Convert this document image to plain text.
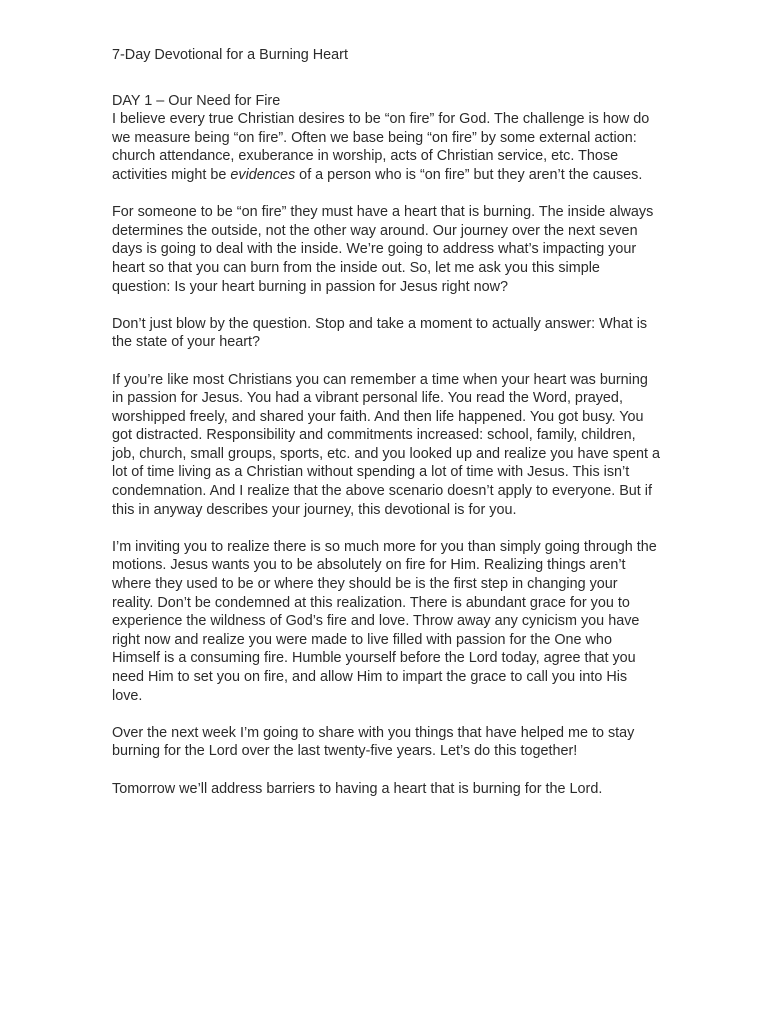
7-Day Devotional for a Burning Heart
DAY 1 – Our Need for Fire

I believe every true Christian desires to be “on fire” for God. The challenge is how do we measure being “on fire”. Often we base being “on fire” by some external action: church attendance, exuberance in worship, acts of Christian service, etc. Those activities might be evidences of a person who is “on fire” but they aren’t the causes.

For someone to be “on fire” they must have a heart that is burning. The inside always determines the outside, not the other way around. Our journey over the next seven days is going to deal with the inside. We’re going to address what’s impacting your heart so that you can burn from the inside out. So, let me ask you this simple question: Is your heart burning in passion for Jesus right now?

Don’t just blow by the question. Stop and take a moment to actually answer: What is the state of your heart?

If you’re like most Christians you can remember a time when your heart was burning in passion for Jesus. You had a vibrant personal life. You read the Word, prayed, worshipped freely, and shared your faith. And then life happened. You got busy. You got distracted. Responsibility and commitments increased: school, family, children, job, church, small groups, sports, etc. and you looked up and realize you have spent a lot of time living as a Christian without spending a lot of time with Jesus. This isn’t condemnation. And I realize that the above scenario doesn’t apply to everyone. But if this in anyway describes your journey, this devotional is for you.

I’m inviting you to realize there is so much more for you than simply going through the motions. Jesus wants you to be absolutely on fire for Him. Realizing things aren’t where they used to be or where they should be is the first step in changing your reality. Don’t be condemned at this realization. There is abundant grace for you to experience the wildness of God’s fire and love. Throw away any cynicism you have right now and realize you were made to live filled with passion for the One who Himself is a consuming fire. Humble yourself before the Lord today, agree that you need Him to set you on fire, and allow Him to impart the grace to call you into His love.

Over the next week I’m going to share with you things that have helped me to stay burning for the Lord over the last twenty-five years. Let’s do this together!

Tomorrow we’ll address barriers to having a heart that is burning for the Lord.
